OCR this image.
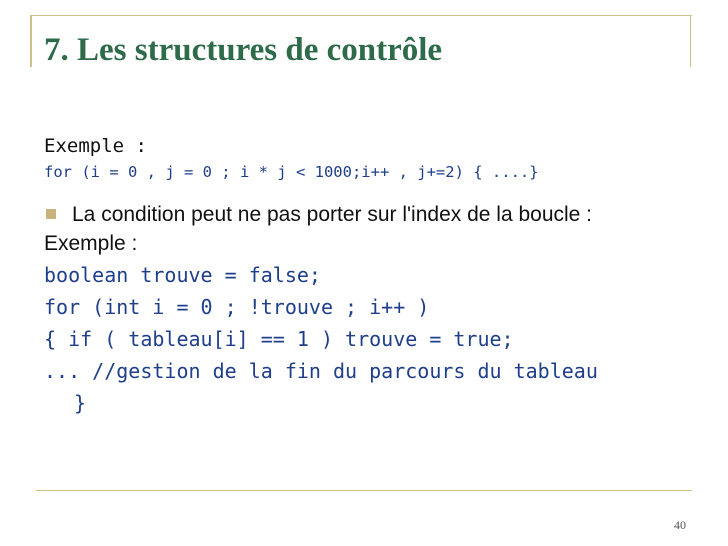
7. Les structures de contrôle
Exemple :
for (i = 0 , j = 0 ; i * j < 1000;i++ , j+=2) { ....}
La condition peut ne pas porter sur l'index de la boucle :
Exemple :
boolean trouve = false;
for (int i = 0 ; !trouve ; i++ )
{ if ( tableau[i] == 1 ) trouve = true;
... //gestion de la fin du parcours du tableau
}
40
